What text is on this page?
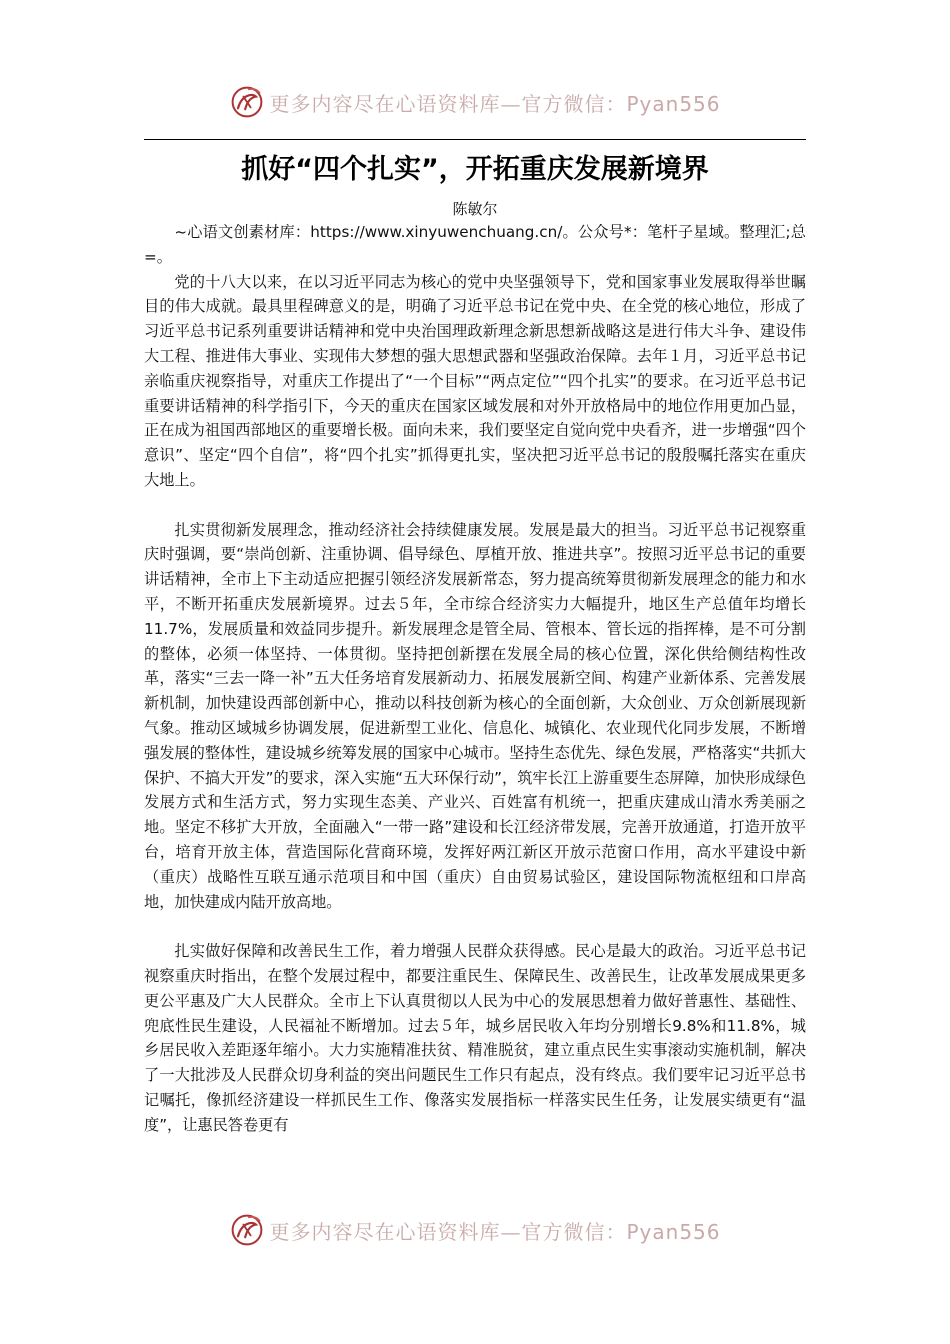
更多内容尽在心语资料库—官方微信：Pyan556
抓好“四个扎实”，开拓重庆发展新境界
陈敏尔

~心语文创素材库：https://www.xinyuwenchuang.cn/。公众号*：笔杆子星域。整理汇;总=。

党的十八大以来，在以习近平同志为核心的党中央坚强领导下，党和国家事业发展取得举世瞩目的伟大成就。最具里程碑意义的是，明确了习近平总书记在党中央、在全党的核心地位，形成了习近平总书记系列重要讲话精神和党中央治国理政新理念新思想新战略这是进行伟大斗争、建设伟大工程、推进伟大事业、实现伟大梦想的强大思想武器和坚强政治保障。去年１月，习近平总书记亲临重庆视察指导，对重庆工作提出了“一个目标”“两点定位”“四个扎实”的要求。在习近平总书记重要讲话精神的科学指引下，今天的重庆在国家区域发展和对外开放格局中的地位作用更加凸显，正在成为祖国西部地区的重要增长极。面向未来，我们要坚定自觉向党中央看齐，进一步增强“四个意识”、坚定“四个自信”，将“四个扎实”抓得更扎实，坚决把习近平总书记的殷殷嘱托落实在重庆大地上。

扎实贯彻新发展理念，推动经济社会持续健康发展。发展是最大的担当。习近平总书记视察重庆时强调，要“崇尚创新、注重协调、倡导绿色、厚植开放、推进共享”。按照习近平总书记的重要讲话精神，全市上下主动适应把握引领经济发展新常态，努力提高统筹贯彻新发展理念的能力和水平，不断开拓重庆发展新境界。过去５年，全市综合经济实力大幅提升，地区生产总值年均增长11.7%，发展质量和效益同步提升。新发展理念是管全局、管根本、管长远的指挥棒，是不可分割的整体，必须一体坚持、一体贯彻。坚持把创新摆在发展全局的核心位置，深化供给侧结构性改革，落实“三去一降一补”五大任务培育发展新动力、拓展发展新空间、构建产业新体系、完善发展新机制，加快建设西部创新中心，推动以科技创新为核心的全面创新，大众创业、万众创新展现新气象。推动区域城乡协调发展，促进新型工业化、信息化、城镇化、农业现代化同步发展，不断增强发展的整体性，建设城乡统筹发展的国家中心城市。坚持生态优先、绿色发展，严格落实“共抓大保护、不搞大开发”的要求，深入实施“五大环保行动”，筑牢长江上游重要生态屏障，加快形成绿色发展方式和生活方式，努力实现生态美、产业兴、百姓富有机统一，把重庆建成山清水秀美丽之地。坚定不移扩大开放，全面融入“一带一路”建设和长江经济带发展，完善开放通道，打造开放平台，培育开放主体，营造国际化营商环境，发挥好两江新区开放示范窗口作用，高水平建设中新（重庆）战略性互联互通示范项目和中国（重庆）自由贸易试验区，建设国际物流枢纽和口岸高地，加快建成内陆开放高地。

扎实做好保障和改善民生工作，着力增强人民群众获得感。民心是最大的政治。习近平总书记视察重庆时指出，在整个发展过程中，都要注重民生、保障民生、改善民生，让改革发展成果更多更公平惠及广大人民群众。全市上下认真贯彻以人民为中心的发展思想着力做好普惠性、基础性、兜底性民生建设，人民福祉不断增加。过去５年，城乡居民收入年均分别增长9.8%和11.8%，城乡居民收入差距逐年缩小。大力实施精准扶贫、精准脱贫，建立重点民生实事滚动实施机制，解决了一大批涉及人民群众切身利益的突出问题民生工作只有起点，没有终点。我们要牢记习近平总书记嘱托，像抓经济建设一样抓民生工作、像落实发展指标一样落实民生任务，让发展实绩更有“温度”，让惠民答卷更有

更多内容尽在心语资料库—官方微信：Pyan556
